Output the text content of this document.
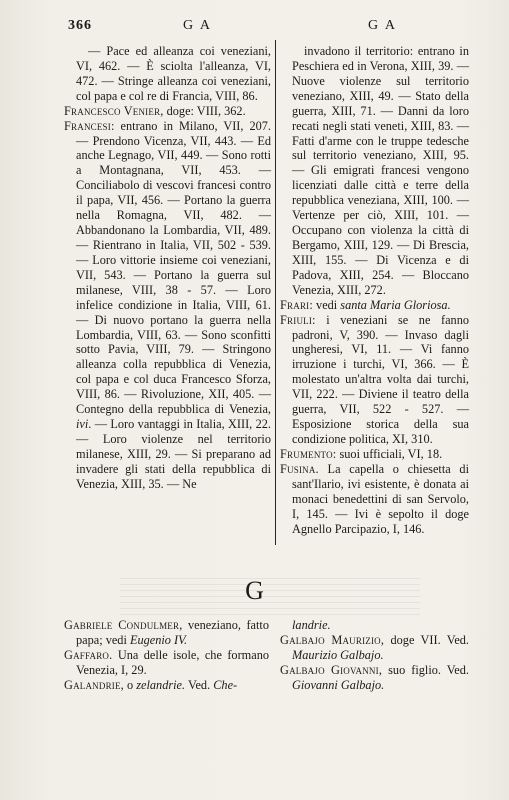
366	G A	G A

— Pace ed alleanza coi veneziani, VI, 462. — È sciolta l'alleanza, VI, 472. — Stringe alleanza coi veneziani, col papa e col re di Francia, VIII, 86.

Francesco Venier, doge: VIII, 362.

Francesi: entrano in Milano, VII, 207. — Prendono Vicenza, VII, 443. — Ed anche Legnago, VII, 449. — Sono rotti a Montagnana, VII, 453. — Conciliabolo di vescovi francesi contro il papa, VII, 456. — Portano la guerra nella Romagna, VII, 482. — Abbandonano la Lombardia, VII, 489. — Rientrano in Italia, VII, 502 - 539. — Loro vittorie insieme coi veneziani, VII, 543. — Portano la guerra sul milanese, VIII, 38 - 57. — Loro infelice condizione in Italia, VIII, 61. — Di nuovo portano la guerra nella Lombardia, VIII, 63. — Sono sconfitti sotto Pavia, VIII, 79. — Stringono alleanza colla repubblica di Venezia, col papa e col duca Francesco Sforza, VIII, 86. — Rivoluzione, XII, 405. — Contegno della repubblica di Venezia, ivi. — Loro vantaggi in Italia, XIII, 22. — Loro violenze nel territorio milanese, XIII, 29. — Si preparano ad invadere gli stati della repubblica di Venezia, XIII, 35. — Ne

invadono il territorio: entrano in Peschiera ed in Verona, XIII, 39. — Nuove violenze sul territorio veneziano, XIII, 49. — Stato della guerra, XIII, 71. — Danni da loro recati negli stati veneti, XIII, 83. — Fatti d'arme con le truppe tedesche sul territorio veneziano, XIII, 95. — Gli emigrati francesi vengono licenziati dalle città e terre della repubblica veneziana, XIII, 100. — Vertenze per ciò, XIII, 101. — Occupano con violenza la città di Bergamo, XIII, 129. — Di Brescia, XIII, 155. — Di Vicenza e di Padova, XIII, 254. — Bloccano Venezia, XIII, 272.

Frari: vedi santa Maria Gloriosa.

Friuli: i veneziani se ne fanno padroni, V, 390. — Invaso dagli ungheresi, VI, 11. — Vi fanno irruzione i turchi, VI, 366. — È molestato un'altra volta dai turchi, VII, 222. — Diviene il teatro della guerra, VII, 522 - 527. — Esposizione storica della sua condizione politica, XI, 310.

Frumento: suoi ufficiali, VI, 18.

Fusina. La capella o chiesetta di sant'Ilario, ivi esistente, è donata ai monaci benedettini di san Servolo, I, 145. — Ivi è sepolto il doge Agnello Parcipazio, I, 146.

G

Gabriele Condulmer, veneziano, fatto papa; vedi Eugenio IV.

Gaffaro. Una delle isole, che formano Venezia, I, 29.

Galandrie, o zelandrie. Ved. Che-

landrie.

Galbajo Maurizio, doge VII. Ved. Maurizio Galbajo.

Galbajo Giovanni, suo figlio. Ved. Giovanni Galbajo.
